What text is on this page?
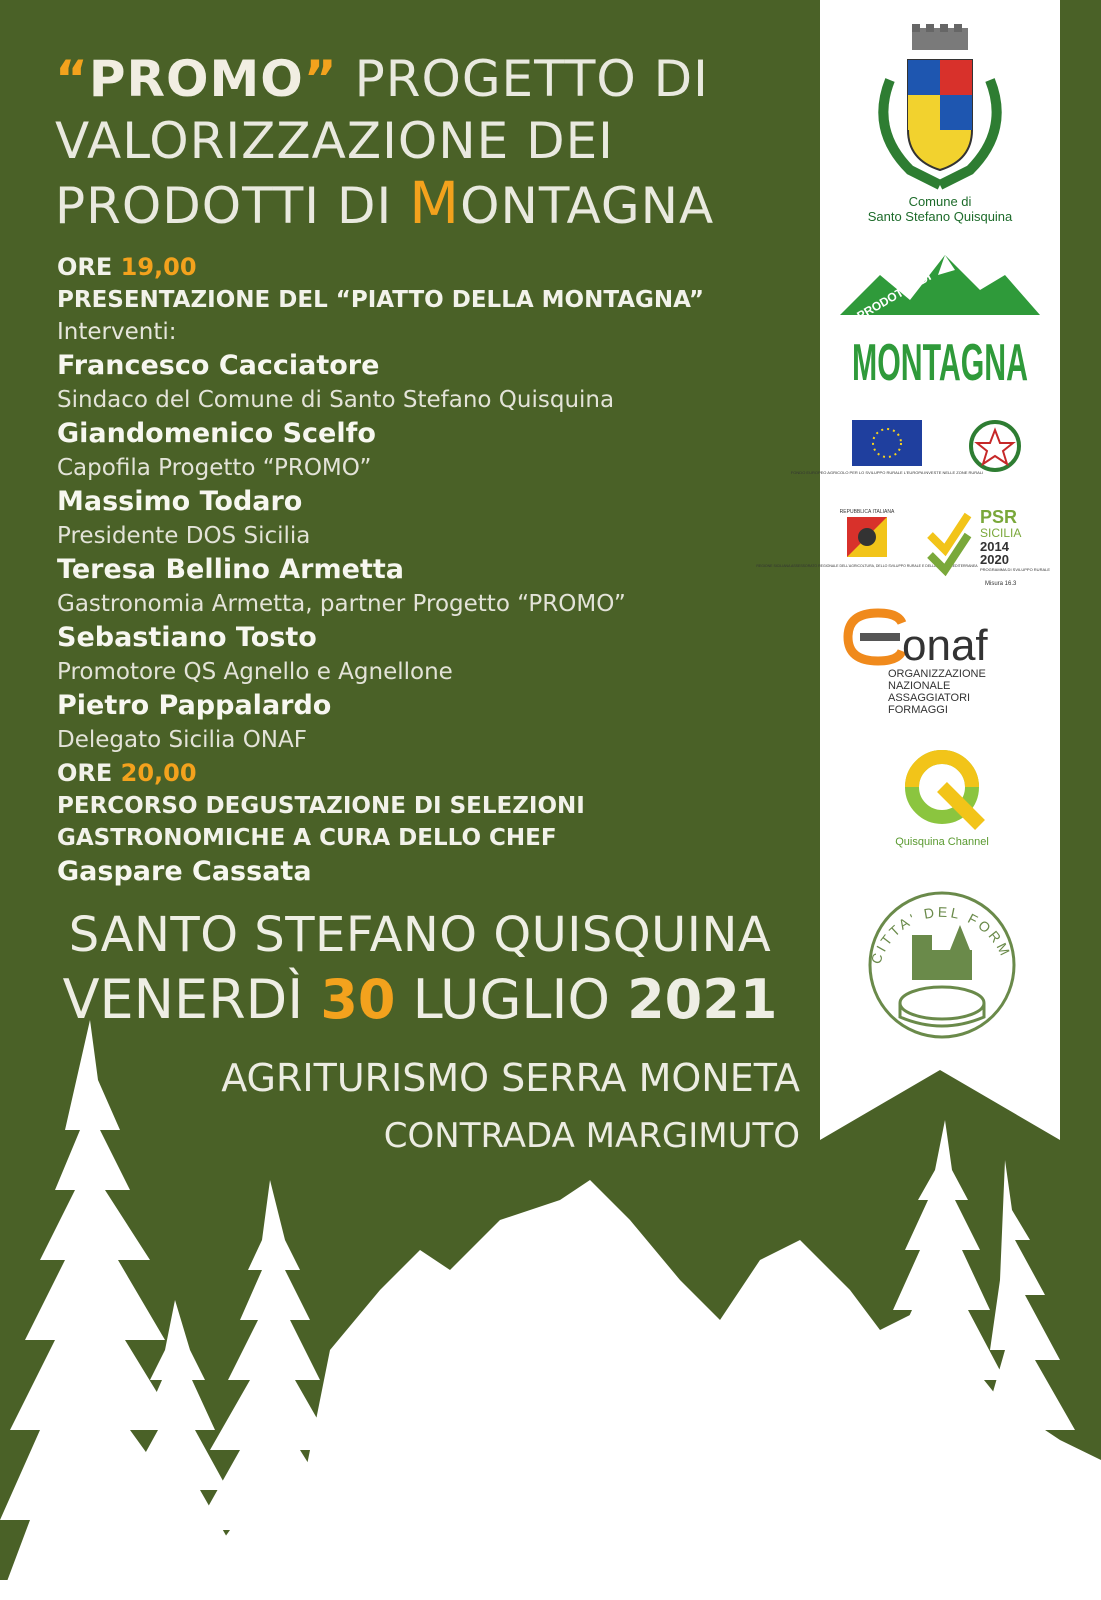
“PROMO” PROGETTO DI
VALORIZZAZIONE DEI
PRODOTTI DI MONTAGNA
ORE 19,00
PRESENTAZIONE DEL “PIATTO DELLA MONTAGNA”
Interventi:
Francesco Cacciatore
Sindaco del Comune di Santo Stefano Quisquina
Giandomenico Scelfo
Capofila Progetto “PROMO”
Massimo Todaro
Presidente DOS Sicilia
Teresa Bellino Armetta
Gastronomia Armetta, partner Progetto “PROMO”
Sebastiano Tosto
Promotore QS Agnello e Agnellone
Pietro Pappalardo
Delegato Sicilia ONAF
ORE 20,00
PERCORSO DEGUSTAZIONE DI SELEZIONI
GASTRONOMICHE A CURA DELLO CHEF
Gaspare Cassata
SANTO STEFANO QUISQUINA
VENERDÌ 30 LUGLIO 2021
AGRITURISMO SERRA MONETA
CONTRADA MARGIMUTO
Comune di
Santo Stefano Quisquina
PRODOTTO DI
MONTAGNA
FONDO EUROPEO AGRICOLO PER LO SVILUPPO RURALE L'EUROPA INVESTE NELLE ZONE RURALI
REPUBBLICA ITALIANA
REGIONE SICILIANA ASSESSORATO REGIONALE DELL'AGRICOLTURA, DELLO SVILUPPO RURALE E DELLA PESCA MEDITERRANEA
PSR
SICILIA
2014
2020
PROGRAMMA DI SVILUPPO RURALE
Misura 16.3
onaf
ORGANIZZAZIONE
NAZIONALE
ASSAGGIATORI
FORMAGGI
Quisquina Channel
CITTA' DEL FORM
